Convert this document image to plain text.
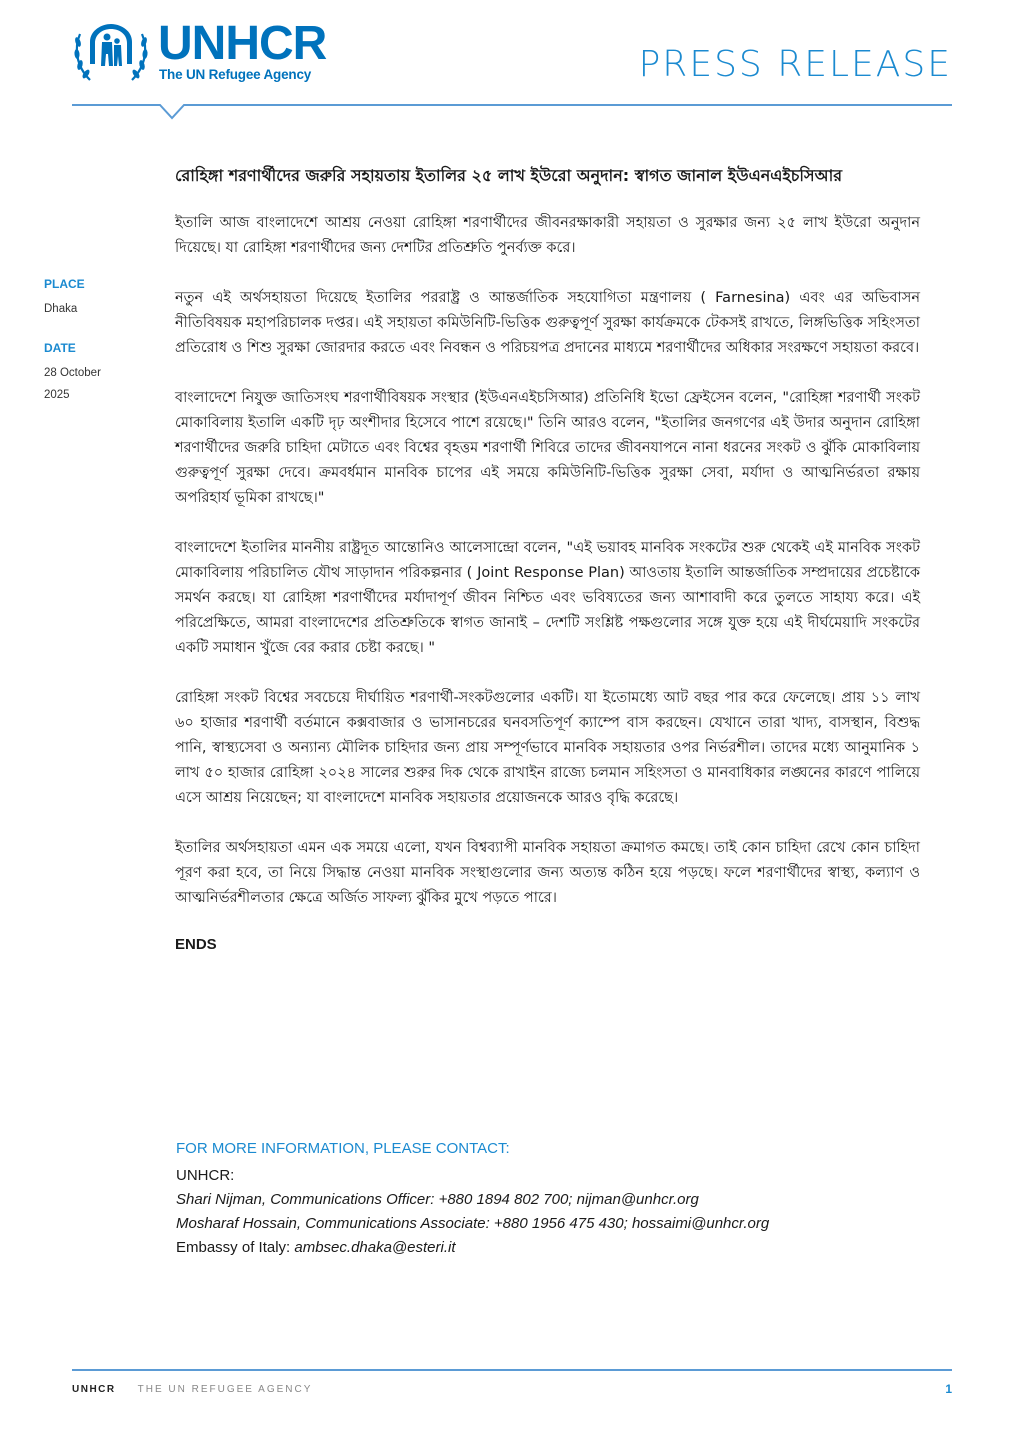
UNHCR
The UN Refugee Agency	PRESS RELEASE

PLACE

Dhaka

DATE

28 October

2025

রোহিঙ্গা শরণার্থীদের জরুরি সহায়তায় ইতালির ২৫ লাখ ইউরো অনুদান: স্বাগত জানাল ইউএনএইচসিআর

ইতালি আজ বাংলাদেশে আশ্রয় নেওয়া রোহিঙ্গা শরণার্থীদের জীবনরক্ষাকারী সহায়তা ও সুরক্ষার জন্য ২৫ লাখ ইউরো অনুদান দিয়েছে। যা রোহিঙ্গা শরণার্থীদের জন্য দেশটির প্রতিশ্রুতি পুনর্ব্যক্ত করে।

নতুন এই অর্থসহায়তা দিয়েছে ইতালির পররাষ্ট্র ও আন্তর্জাতিক সহযোগিতা মন্ত্রণালয় ( Farnesina) এবং এর অভিবাসন নীতিবিষয়ক মহাপরিচালক দপ্তর। এই সহায়তা কমিউনিটি-ভিত্তিক গুরুত্বপূর্ণ সুরক্ষা কার্যক্রমকে টেকসই রাখতে, লিঙ্গভিত্তিক সহিংসতা প্রতিরোধ ও শিশু সুরক্ষা জোরদার করতে এবং নিবন্ধন ও পরিচয়পত্র প্রদানের মাধ্যমে শরণার্থীদের অধিকার সংরক্ষণে সহায়তা করবে।

বাংলাদেশে নিযুক্ত জাতিসংঘ শরণার্থীবিষয়ক সংস্থার (ইউএনএইচসিআর) প্রতিনিধি ইভো ফ্রেইসেন বলেন, "রোহিঙ্গা শরণার্থী সংকট মোকাবিলায় ইতালি একটি দৃঢ় অংশীদার হিসেবে পাশে রয়েছে।" তিনি আরও বলেন, "ইতালির জনগণের এই উদার অনুদান রোহিঙ্গা শরণার্থীদের জরুরি চাহিদা মেটাতে এবং বিশ্বের বৃহত্তম শরণার্থী শিবিরে তাদের জীবনযাপনে নানা ধরনের সংকট ও ঝুঁকি মোকাবিলায় গুরুত্বপূর্ণ সুরক্ষা দেবে। ক্রমবর্ধমান মানবিক চাপের এই সময়ে কমিউনিটি-ভিত্তিক সুরক্ষা সেবা, মর্যাদা ও আত্মনির্ভরতা রক্ষায় অপরিহার্য ভূমিকা রাখছে।"

বাংলাদেশে ইতালির মাননীয় রাষ্ট্রদূত আন্তোনিও আলেসান্দ্রো বলেন, "এই ভয়াবহ মানবিক সংকটের শুরু থেকেই এই মানবিক সংকট মোকাবিলায় পরিচালিত যৌথ সাড়াদান পরিকল্পনার ( Joint Response Plan) আওতায় ইতালি আন্তর্জাতিক সম্প্রদায়ের প্রচেষ্টাকে সমর্থন করছে। যা রোহিঙ্গা শরণার্থীদের মর্যাদাপূর্ণ জীবন নিশ্চিত এবং ভবিষ্যতের জন্য আশাবাদী করে তুলতে সাহায্য করে। এই পরিপ্রেক্ষিতে, আমরা বাংলাদেশের প্রতিশ্রুতিকে স্বাগত জানাই – দেশটি সংশ্লিষ্ট পক্ষগুলোর সঙ্গে যুক্ত হয়ে এই দীর্ঘমেয়াদি সংকটের একটি সমাধান খুঁজে বের করার চেষ্টা করছে। "

রোহিঙ্গা সংকট বিশ্বের সবচেয়ে দীর্ঘায়িত শরণার্থী-সংকটগুলোর একটি। যা ইতোমধ্যে আট বছর পার করে ফেলেছে। প্রায় ১১ লাখ ৬০ হাজার শরণার্থী বর্তমানে কক্সবাজার ও ভাসানচরের ঘনবসতিপূর্ণ ক্যাম্পে বাস করছেন। যেখানে তারা খাদ্য, বাসস্থান, বিশুদ্ধ পানি, স্বাস্থ্যসেবা ও অন্যান্য মৌলিক চাহিদার জন্য প্রায় সম্পূর্ণভাবে মানবিক সহায়তার ওপর নির্ভরশীল। তাদের মধ্যে আনুমানিক ১ লাখ ৫০ হাজার রোহিঙ্গা ২০২৪ সালের শুরুর দিক থেকে রাখাইন রাজ্যে চলমান সহিংসতা ও মানবাধিকার লঙ্ঘনের কারণে পালিয়ে এসে আশ্রয় নিয়েছেন; যা বাংলাদেশে মানবিক সহায়তার প্রয়োজনকে আরও বৃদ্ধি করেছে।

ইতালির অর্থসহায়তা এমন এক সময়ে এলো, যখন বিশ্বব্যাপী মানবিক সহায়তা ক্রমাগত কমছে। তাই কোন চাহিদা রেখে কোন চাহিদা পূরণ করা হবে, তা নিয়ে সিদ্ধান্ত নেওয়া মানবিক সংস্থাগুলোর জন্য অত্যন্ত কঠিন হয়ে পড়ছে। ফলে শরণার্থীদের স্বাস্থ্য, কল্যাণ ও আত্মনির্ভরশীলতার ক্ষেত্রে অর্জিত সাফল্য ঝুঁকির মুখে পড়তে পারে।

ENDS

FOR MORE INFORMATION, PLEASE CONTACT:

UNHCR:

Shari Nijman, Communications Officer: +880 1894 802 700; nijman@unhcr.org

Mosharaf Hossain, Communications Associate: +880 1956 475 430; hossaimi@unhcr.org

Embassy of Italy: ambsec.dhaka@esteri.it

UNHCR THE UN REFUGEE AGENCY	1
